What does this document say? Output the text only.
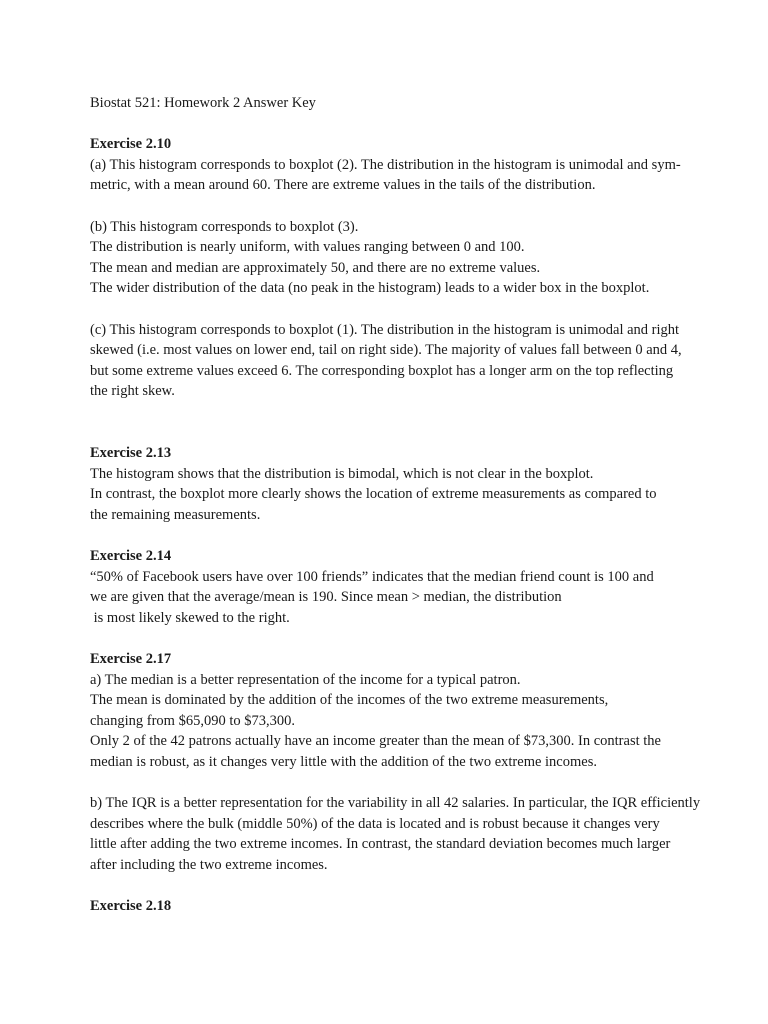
Biostat 521: Homework 2 Answer Key
Exercise 2.10
(a) This histogram corresponds to boxplot (2). The distribution in the histogram is unimodal and sym-
metric, with a mean around 60. There are extreme values in the tails of the distribution.
(b) This histogram corresponds to boxplot (3).
The distribution is nearly uniform, with values ranging between 0 and 100.
The mean and median are approximately 50, and there are no extreme values.
The wider distribution of the data (no peak in the histogram) leads to a wider box in the boxplot.
(c) This histogram corresponds to boxplot (1). The distribution in the histogram is unimodal and right
skewed (i.e. most values on lower end, tail on right side). The majority of values fall between 0 and 4,
but some extreme values exceed 6. The corresponding boxplot has a longer arm on the top reflecting
the right skew.
Exercise 2.13
The histogram shows that the distribution is bimodal, which is not clear in the boxplot.
In contrast, the boxplot more clearly shows the location of extreme measurements as compared to
the remaining measurements.
Exercise 2.14
“50% of Facebook users have over 100 friends” indicates that the median friend count is 100 and
we are given that the average/mean is 190. Since mean > median, the distribution
is most likely skewed to the right.
Exercise 2.17
a) The median is a better representation of the income for a typical patron.
The mean is dominated by the addition of the incomes of the two extreme measurements,
changing from $65,090 to $73,300.
Only 2 of the 42 patrons actually have an income greater than the mean of $73,300. In contrast the
median is robust, as it changes very little with the addition of the two extreme incomes.
b) The IQR is a better representation for the variability in all 42 salaries. In particular, the IQR efficiently
describes where the bulk (middle 50%) of the data is located and is robust because it changes very
little after adding the two extreme incomes. In contrast, the standard deviation becomes much larger
after including the two extreme incomes.
Exercise 2.18
